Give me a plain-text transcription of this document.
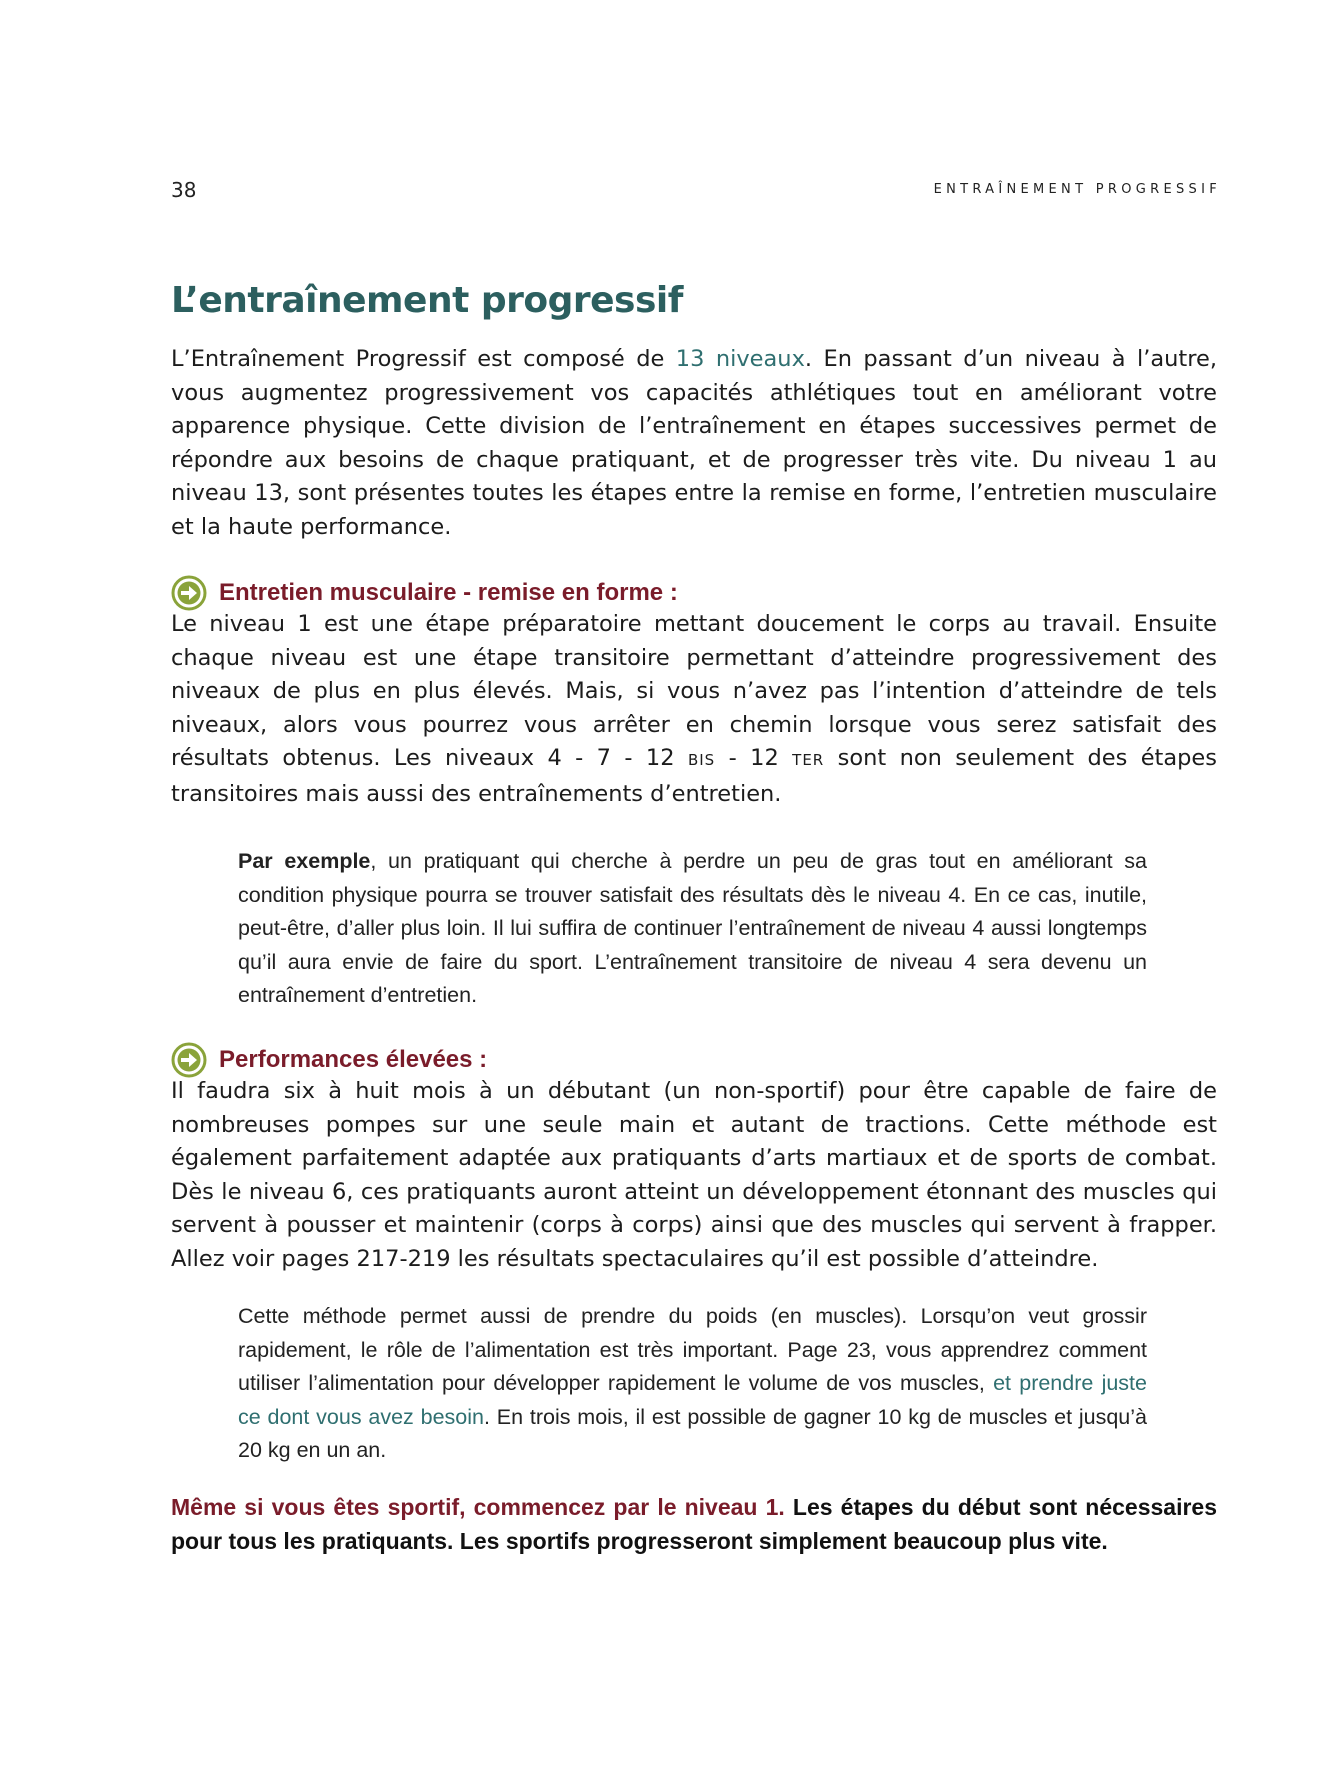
38	ENTRAÎNEMENT PROGRESSIF
L’entraînement progressif

L’Entraînement Progressif est composé de 13 niveaux. En passant d’un niveau à l’autre, vous augmentez progressivement vos capacités athlétiques tout en améliorant votre apparence physique. Cette division de l’entraînement en étapes successives permet de répondre aux besoins de chaque pratiquant, et de progresser très vite. Du niveau 1 au niveau 13, sont présentes toutes les étapes entre la remise en forme, l’entretien musculaire et la haute performance.

Entretien musculaire - remise en forme :

Le niveau 1 est une étape préparatoire mettant doucement le corps au travail. Ensuite chaque niveau est une étape transitoire permettant d’atteindre progressivement des niveaux de plus en plus élevés. Mais, si vous n’avez pas l’intention d’atteindre de tels niveaux, alors vous pourrez vous arrêter en chemin lorsque vous serez satisfait des résultats obtenus. Les niveaux 4 - 7 - 12 BIS - 12 TER sont non seulement des étapes transitoires mais aussi des entraînements d’entretien.

Par exemple, un pratiquant qui cherche à perdre un peu de gras tout en améliorant sa condition physique pourra se trouver satisfait des résultats dès le niveau 4. En ce cas, inutile, peut-être, d’aller plus loin. Il lui suffira de continuer l’entraînement de niveau 4 aussi longtemps qu’il aura envie de faire du sport. L’entraînement transitoire de niveau 4 sera devenu un entraînement d’entretien.

Performances élevées :

Il faudra six à huit mois à un débutant (un non-sportif) pour être capable de faire de nombreuses pompes sur une seule main et autant de tractions. Cette méthode est également parfaitement adaptée aux pratiquants d’arts martiaux et de sports de combat. Dès le niveau 6, ces pratiquants auront atteint un développement étonnant des muscles qui servent à pousser et maintenir (corps à corps) ainsi que des muscles qui servent à frapper. Allez voir pages 217-219 les résultats spectaculaires qu’il est possible d’atteindre.

Cette méthode permet aussi de prendre du poids (en muscles). Lorsqu’on veut grossir rapidement, le rôle de l’alimentation est très important. Page 23, vous apprendrez comment utiliser l’alimentation pour développer rapidement le volume de vos muscles, et prendre juste ce dont vous avez besoin. En trois mois, il est possible de gagner 10 kg de muscles et jusqu’à 20 kg en un an.

Même si vous êtes sportif, commencez par le niveau 1. Les étapes du début sont nécessaires pour tous les pratiquants. Les sportifs progresseront simplement beaucoup plus vite.
